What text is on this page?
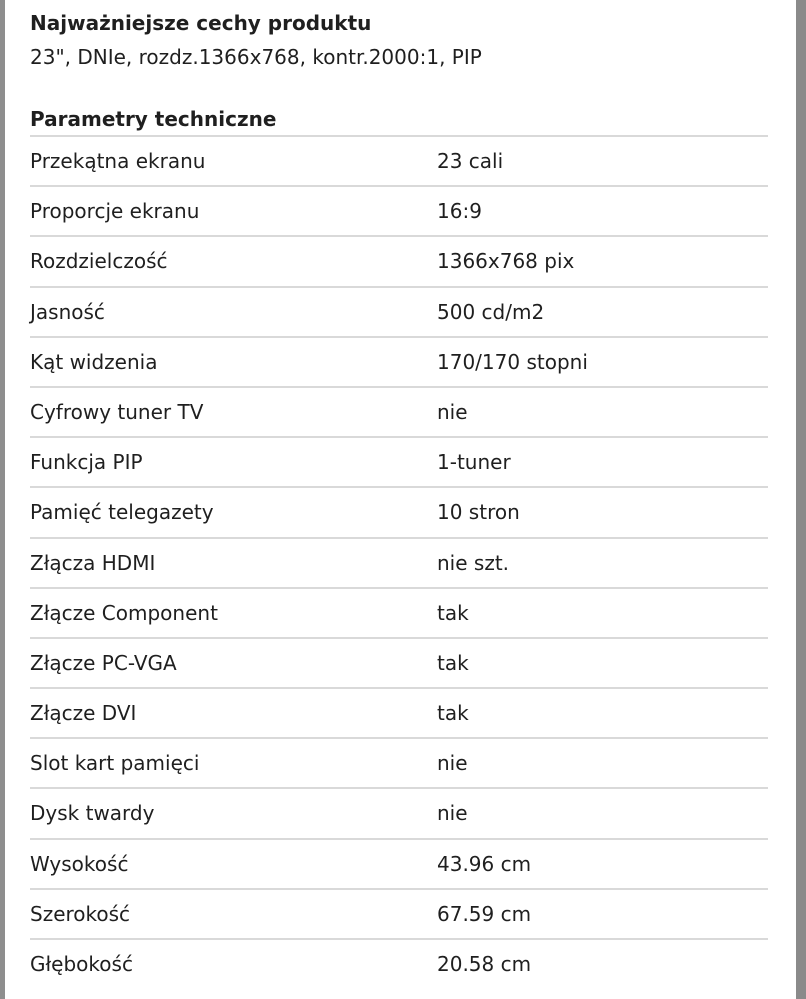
Najważniejsze cechy produktu
23", DNIe, rozdz.1366x768, kontr.2000:1, PIP
Parametry techniczne
Przekątna ekranu	23 cali
Proporcje ekranu	16:9
Rozdzielczość	1366x768 pix
Jasność	500 cd/m2
Kąt widzenia	170/170 stopni
Cyfrowy tuner TV	nie
Funkcja PIP	1-tuner
Pamięć telegazety	10 stron
Złącza HDMI	nie szt.
Złącze Component	tak
Złącze PC-VGA	tak
Złącze DVI	tak
Slot kart pamięci	nie
Dysk twardy	nie
Wysokość	43.96 cm
Szerokość	67.59 cm
Głębokość	20.58 cm
